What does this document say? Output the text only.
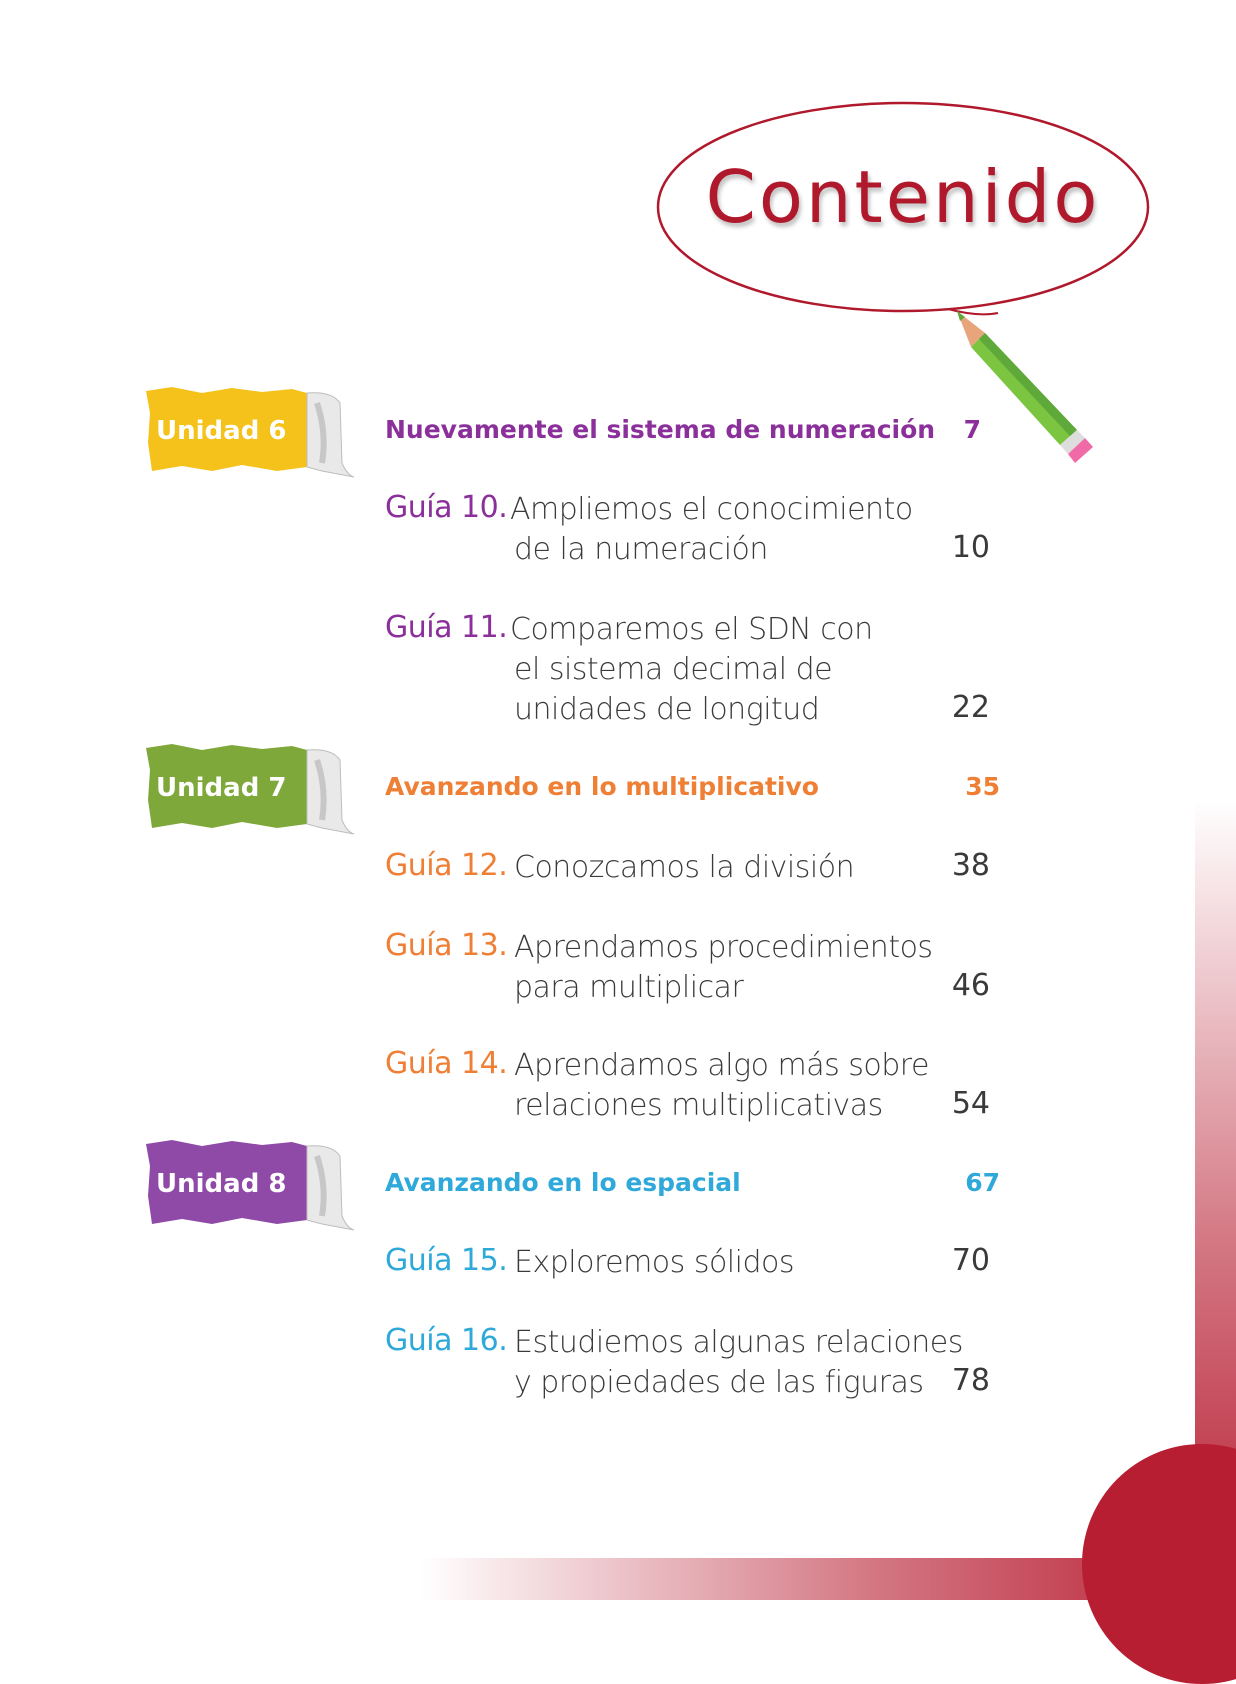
Contenido
Unidad 6	Nuevamente el sistema de numeración 7
Guía 10. Ampliemos el conocimiento
de la numeración	10
Guía 11. Comparemos el SDN con
el sistema decimal de
unidades de longitud	22
Unidad 7	Avanzando en lo multiplicativo	35
Guía 12. Conozcamos la división	38
Guía 13. Aprendamos procedimientos
para multiplicar	46
Guía 14. Aprendamos algo más sobre
relaciones multiplicativas	54
Unidad 8	Avanzando en lo espacial	67
Guía 15. Exploremos sólidos	70
Guía 16. Estudiemos algunas relaciones
y propiedades de las figuras 78
